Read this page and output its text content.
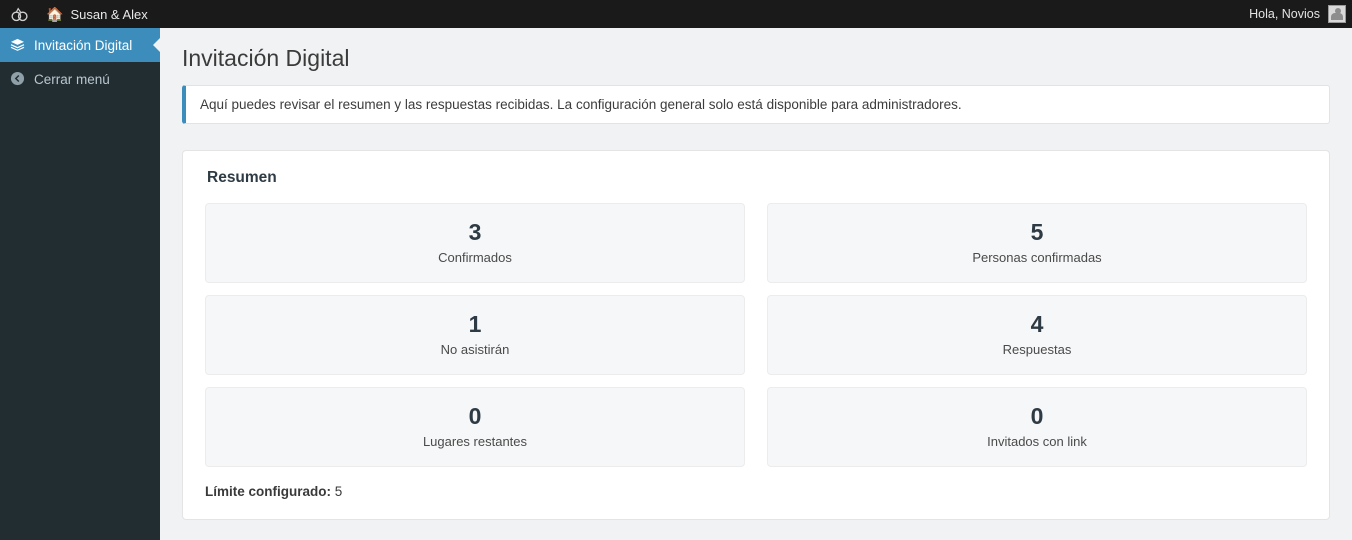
🏠 Susan & Alex	Hola, Novios
Invitación Digital
Cerrar menú
Invitación Digital
Aquí puedes revisar el resumen y las respuestas recibidas. La configuración general solo está disponible para administradores.
Resumen
3
Confirmados
5
Personas confirmadas
1
No asistirán
4
Respuestas
0
Lugares restantes
0
Invitados con link
Límite configurado: 5
